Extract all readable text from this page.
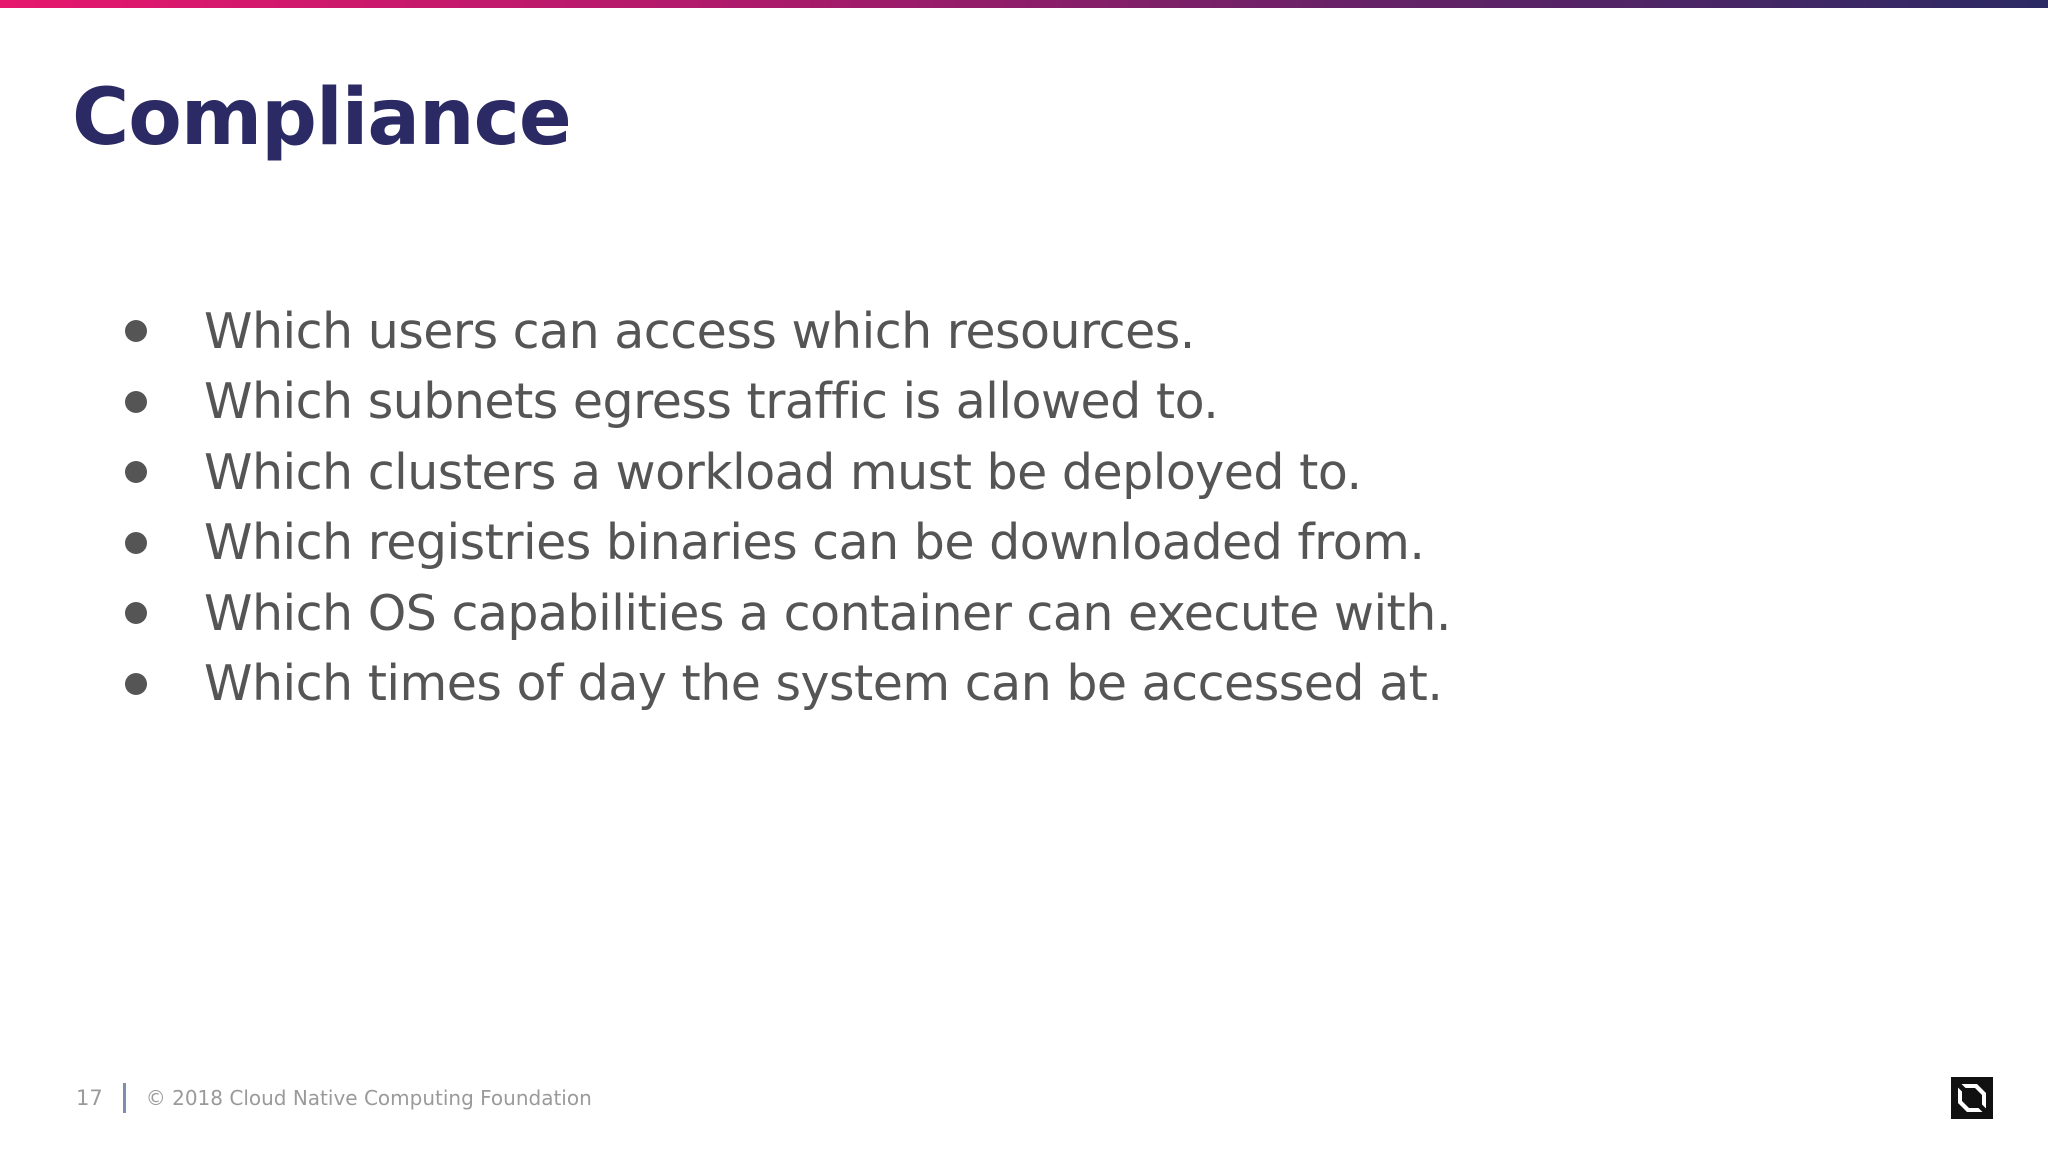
Compliance
Which users can access which resources.
Which subnets egress traffic is allowed to.
Which clusters a workload must be deployed to.
Which registries binaries can be downloaded from.
Which OS capabilities a container can execute with.
Which times of day the system can be accessed at.
17 © 2018 Cloud Native Computing Foundation
